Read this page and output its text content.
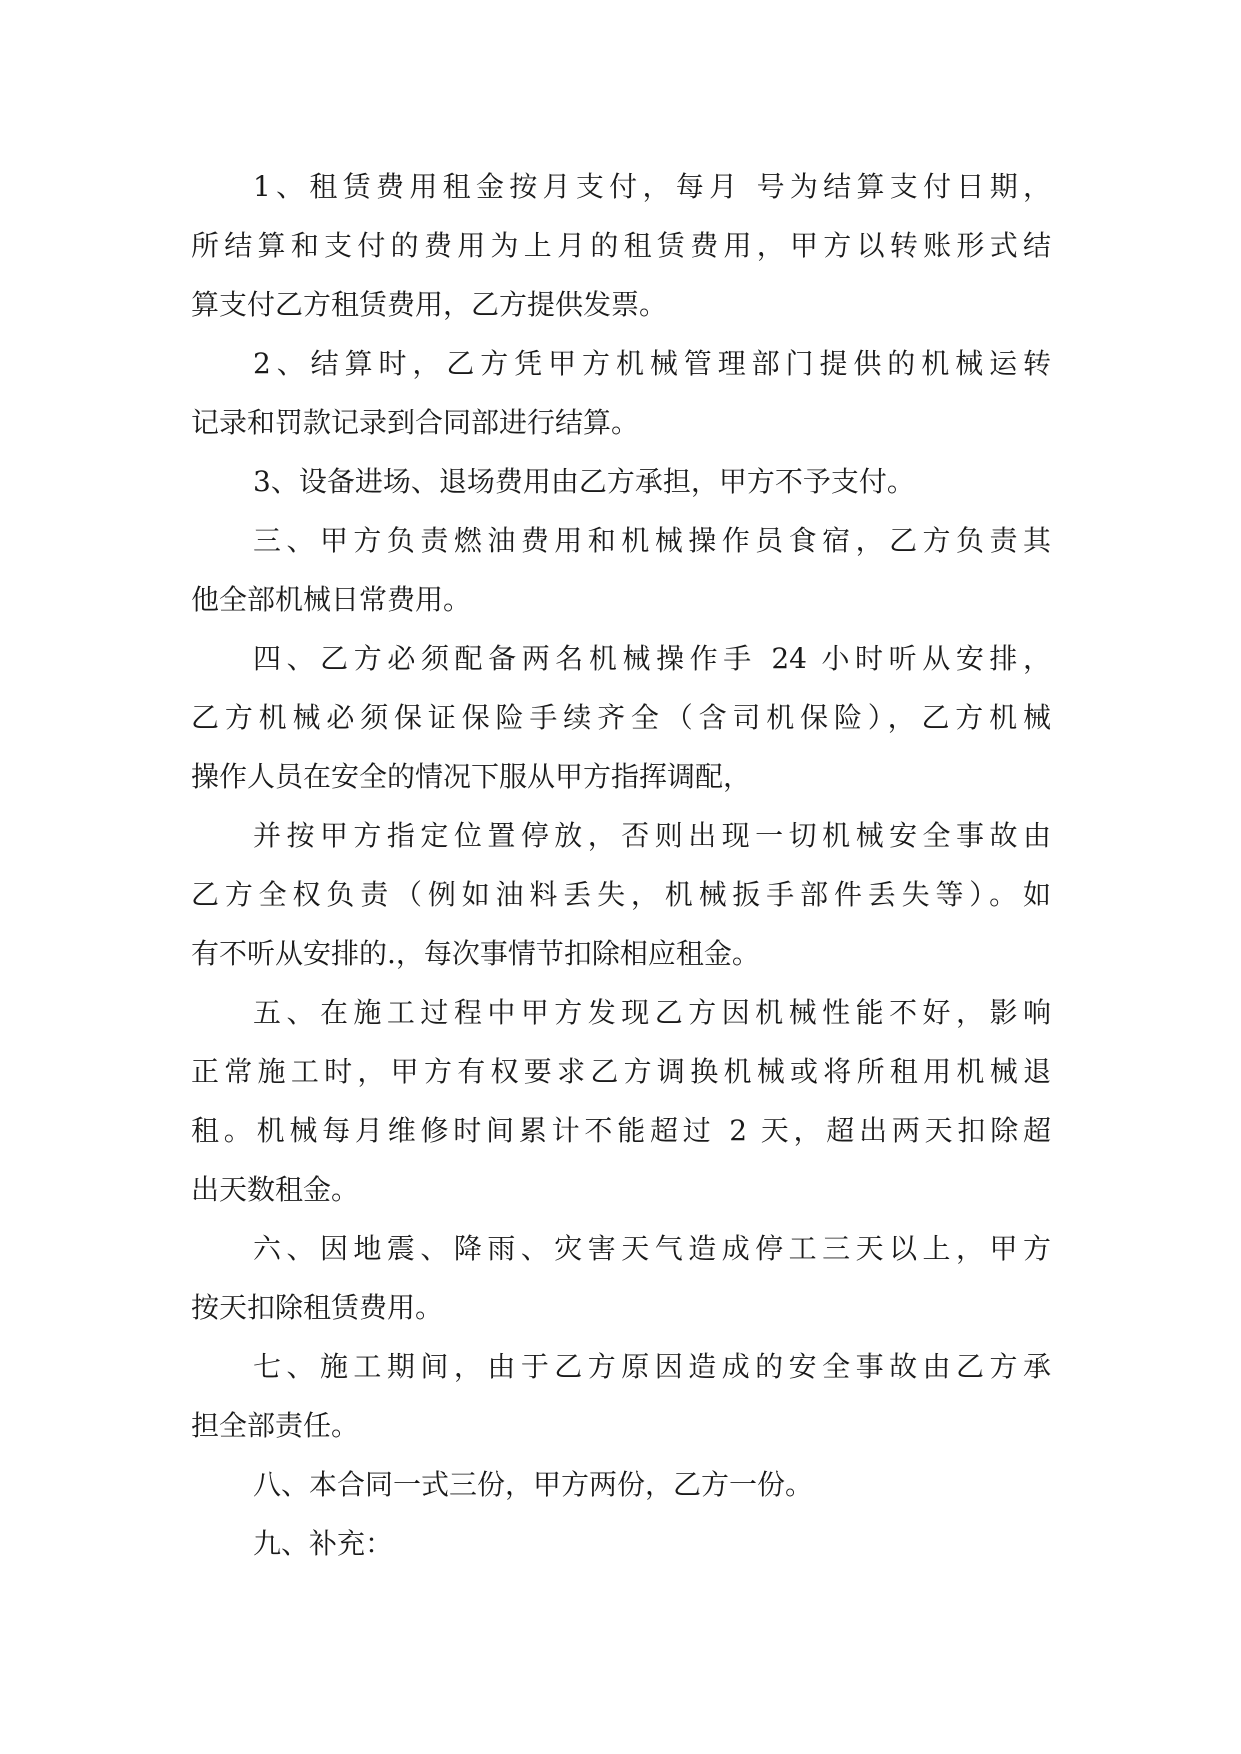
1、租赁费用租金按月支付，每月 号为结算支付日期，
所结算和支付的费用为上月的租赁费用，甲方以转账形式结
算支付乙方租赁费用，乙方提供发票。
2、结算时，乙方凭甲方机械管理部门提供的机械运转
记录和罚款记录到合同部进行结算。
3、设备进场、退场费用由乙方承担，甲方不予支付。
三、甲方负责燃油费用和机械操作员食宿，乙方负责其
他全部机械日常费用。
四、乙方必须配备两名机械操作手 24 小时听从安排，
乙方机械必须保证保险手续齐全（含司机保险），乙方机械
操作人员在安全的情况下服从甲方指挥调配，
并按甲方指定位置停放，否则出现一切机械安全事故由
乙方全权负责（例如油料丢失，机械扳手部件丢失等）。如
有不听从安排的.，每次事情节扣除相应租金。
五、在施工过程中甲方发现乙方因机械性能不好，影响
正常施工时，甲方有权要求乙方调换机械或将所租用机械退
租。机械每月维修时间累计不能超过 2 天，超出两天扣除超
出天数租金。
六、因地震、降雨、灾害天气造成停工三天以上，甲方
按天扣除租赁费用。
七、施工期间，由于乙方原因造成的安全事故由乙方承
担全部责任。
八、本合同一式三份，甲方两份，乙方一份。
九、补充：
